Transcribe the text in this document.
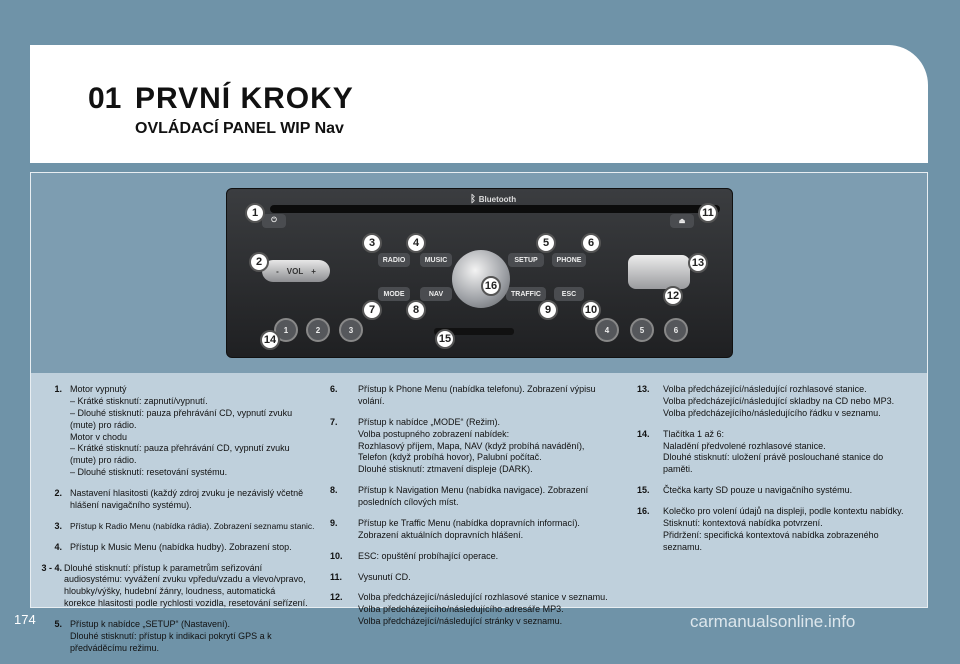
01 PRVNÍ KROKY
OVLÁDACÍ PANEL WIP Nav
ᛒ Bluetooth
⏻	⏏
- VOL +
RADIO	MUSIC	SETUP	PHONE
MODE	NAV	TRAFFIC	ESC
1	2	3	4	5	6
1
2
3	4	5	6
7	8	9	10
11
12
13
14	15
16
1. Motor vypnutý
– Krátké stisknutí: zapnutí/vypnutí.
– Dlouhé stisknutí: pauza přehrávání CD, vypnutí zvuku
(mute) pro rádio.
Motor v chodu
– Krátké stisknutí: pauza přehrávání CD, vypnutí zvuku
(mute) pro rádio.
– Dlouhé stisknutí: resetování systému.
2. Nastavení hlasitosti (každý zdroj zvuku je nezávislý včetně
hlášení navigačního systému).
3. Přístup k Radio Menu (nabídka rádia). Zobrazení seznamu stanic.
4. Přístup k Music Menu (nabídka hudby). Zobrazení stop.
3 - 4. Dlouhé stisknutí: přístup k parametrům seřizování
audiosystému: vyvážení zvuku vpředu/vzadu a vlevo/vpravo,
hloubky/výšky, hudební žánry, loudness, automatická
korekce hlasitosti podle rychlosti vozidla, resetování seřízení.
5. Přístup k nabídce „SETUP“ (Nastavení).
Dlouhé stisknutí: přístup k indikaci pokrytí GPS a k
předváděcímu režimu.
6.	Přístup k Phone Menu (nabídka telefonu). Zobrazení výpisu
volání.
7.	Přístup k nabídce „MODE“ (Režim).
Volba postupného zobrazení nabídek:
Rozhlasový příjem, Mapa, NAV (když probíhá navádění),
Telefon (když probíhá hovor), Palubní počítač.
Dlouhé stisknutí: ztmavení displeje (DARK).
8.	Přístup k Navigation Menu (nabídka navigace). Zobrazení
posledních cílových míst.
9.	Přístup ke Traffic Menu (nabídka dopravních informací).
Zobrazení aktuálních dopravních hlášení.
10.	ESC: opuštění probíhající operace.
11.	Vysunutí CD.
12.	Volba předcházející/následující rozhlasové stanice v seznamu.
Volba předcházejícího/následujícího adresáře MP3.
Volba předcházející/následující stránky v seznamu.
13.	Volba předcházející/následující rozhlasové stanice.
Volba předcházející/následující skladby na CD nebo MP3.
Volba předcházejícího/následujícího řádku v seznamu.
14.	Tlačítka 1 až 6:
Naladění předvolené rozhlasové stanice.
Dlouhé stisknutí: uložení právě poslouchané stanice do
paměti.
15.	Čtečka karty SD pouze u navigačního systému.
16.	Kolečko pro volení údajů na displeji, podle kontextu nabídky.
Stisknutí: kontextová nabídka potvrzení.
Přidržení: specifická kontextová nabídka zobrazeného
seznamu.
174	carmanualsonline.info
